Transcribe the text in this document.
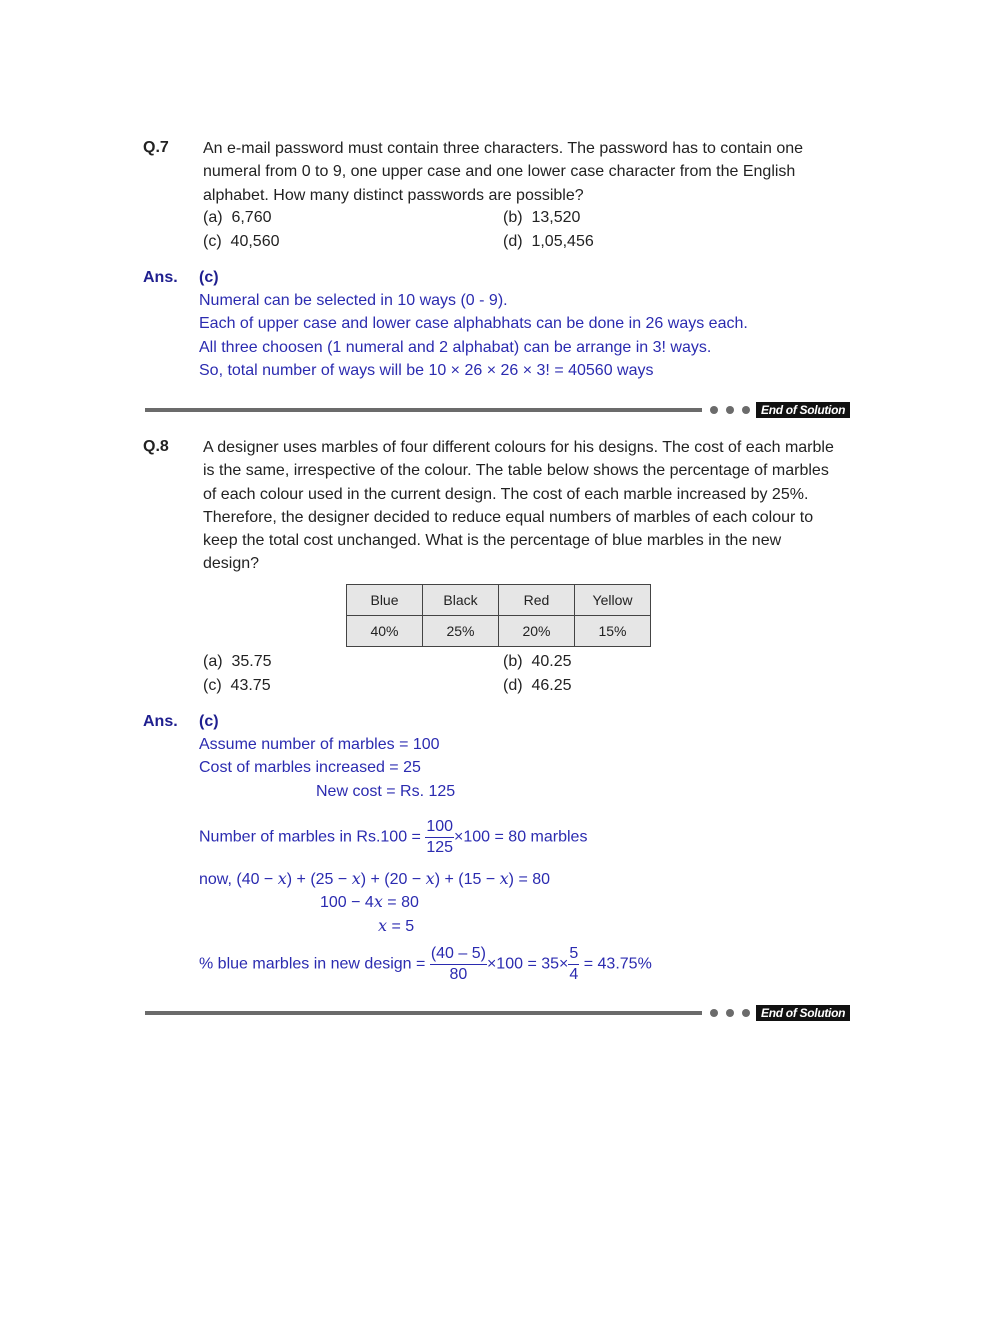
Q.7 An e-mail password must contain three characters. The password has to contain one
numeral from 0 to 9, one upper case and one lower case character from the English
alphabet. How many distinct passwords are possible?
(a) 6,760	(b) 13,520
(c) 40,560	(d) 1,05,456
Ans. (c)
Numeral can be selected in 10 ways (0 - 9).
Each of upper case and lower case alphabhats can be done in 26 ways each.
All three choosen (1 numeral and 2 alphabat) can be arrange in 3! ways.
So, total number of ways will be 10 × 26 × 26 × 3! = 40560 ways
End of Solution
Q.8 A designer uses marbles of four different colours for his designs. The cost of each marble
is the same, irrespective of the colour. The table below shows the percentage of marbles
of each colour used in the current design. The cost of each marble increased by 25%.
Therefore, the designer decided to reduce equal numbers of marbles of each colour to
keep the total cost unchanged. What is the percentage of blue marbles in the new
design?
Blue	Black	Red	Yellow
40%	25%	20%	15%
(a) 35.75	(b) 40.25
(c) 43.75	(d) 46.25
Ans. (c)
Assume number of marbles = 100
Cost of marbles increased = 25
New cost = Rs. 125
Number of marbles in $Rs.100 = \frac{100}{125} \times 100 = 80$ marbles
now, (40 − x) + (25 − x) + (20 − x) + (15 − x) = 80
100 − 4x = 80
x = 5
% blue marbles in new design = $\frac{(40 - 5)}{80} \times 100 = 35\times \frac{5}{4} = 43.75\%$
End of Solution
